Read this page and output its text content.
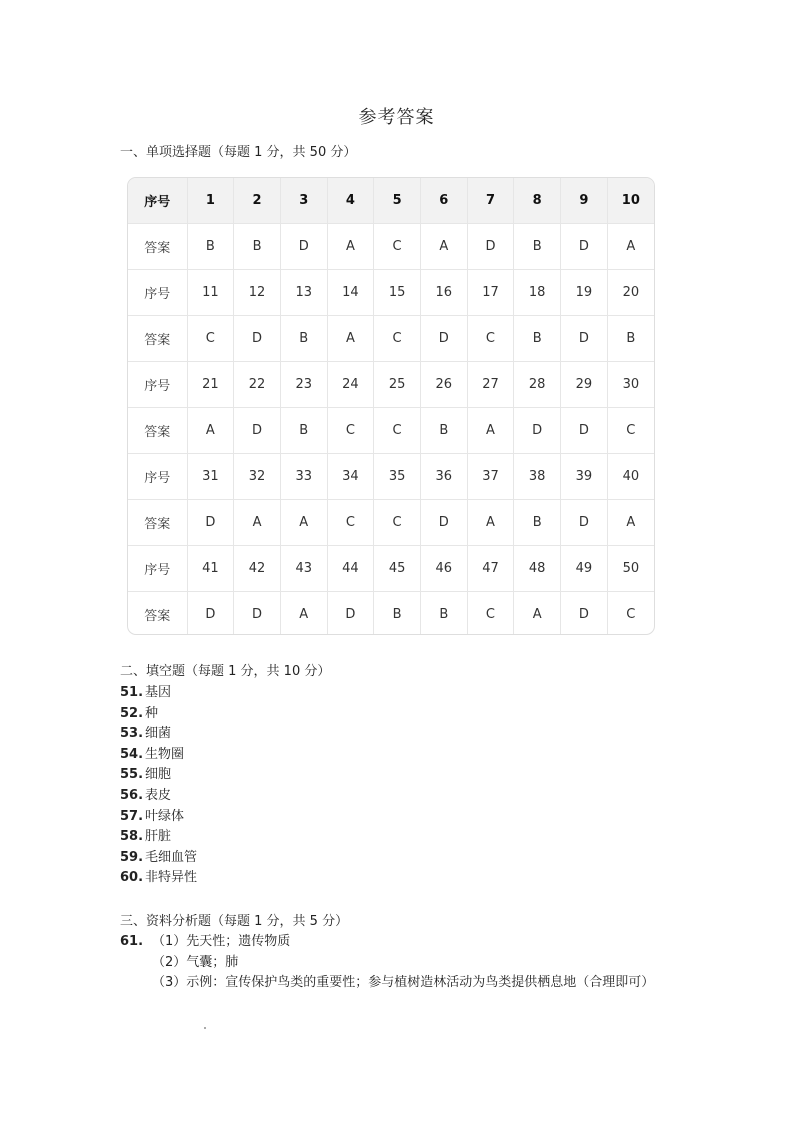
参考答案
一、单项选择题（每题 1 分，共 50 分）
序号	1	2	3	4	5	6	7	8	9	10
答案	B	B	D	A	C	A	D	B	D	A
序号	11	12	13	14	15	16	17	18	19	20
答案	C	D	B	A	C	D	C	B	D	B
序号	21	22	23	24	25	26	27	28	29	30
答案	A	D	B	C	C	B	A	D	D	C
序号	31	32	33	34	35	36	37	38	39	40
答案	D	A	A	C	C	D	A	B	D	A
序号	41	42	43	44	45	46	47	48	49	50
答案	D	D	A	D	B	B	C	A	D	C
二、填空题（每题 1 分，共 10 分）
51. 基因
52. 种
53. 细菌
54. 生物圈
55. 细胞
56. 表皮
57. 叶绿体
58. 肝脏
59. 毛细血管
60. 非特异性
三、资料分析题（每题 1 分，共 5 分）
61. （1）先天性；遗传物质
（2）气囊；肺
（3）示例：宣传保护鸟类的重要性；参与植树造林活动为鸟类提供栖息地（合理即可）
